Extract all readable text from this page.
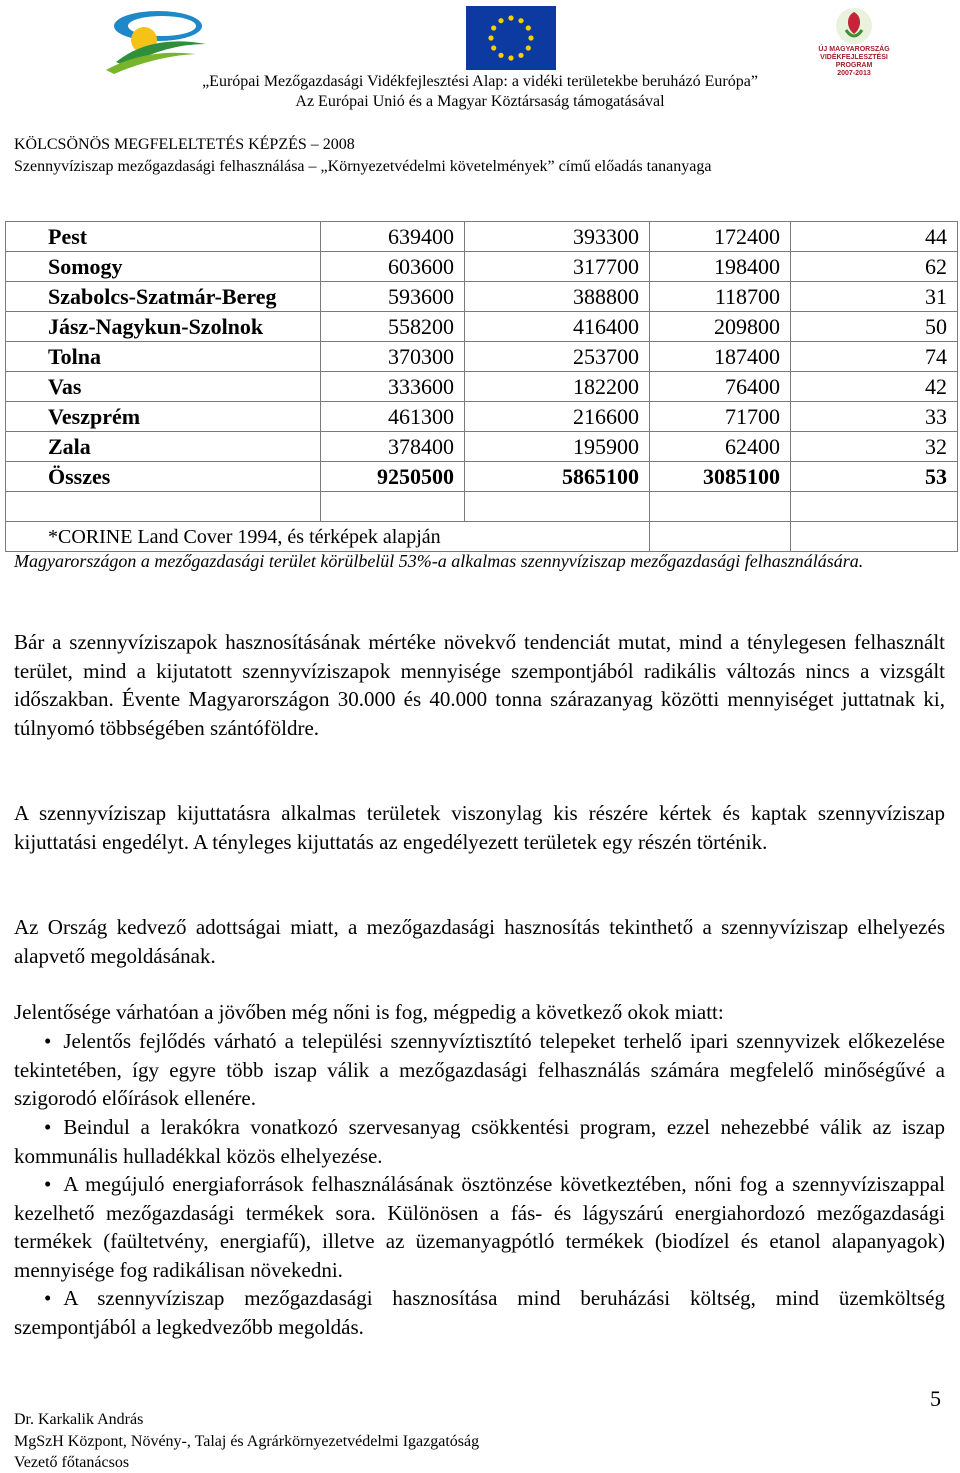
ÚJ MAGYARORSZÁG
VIDÉKFEJLESZTÉSI PROGRAM
2007-2013
„Európai Mezőgazdasági Vidékfejlesztési Alap: a vidéki területekbe beruházó Európa”
Az Európai Unió és a Magyar Köztársaság támogatásával
KÖLCSÖNÖS MEGFELELTETÉS KÉPZÉS – 2008
Szennyvíziszap mezőgazdasági felhasználása – „Környezetvédelmi követelmények” című előadás tananyaga
Pest	639400	393300	172400	44
Somogy	603600	317700	198400	62
Szabolcs-Szatmár-Bereg	593600	388800	118700	31
Jász-Nagykun-Szolnok	558200	416400	209800	50
Tolna	370300	253700	187400	74
Vas	333600	182200	76400	42
Veszprém	461300	216600	71700	33
Zala	378400	195900	62400	32
Összes	9250500	5865100	3085100	53

*CORINE Land Cover 1994, és térképek alapján				
Magyarországon a mezőgazdasági terület körülbelül 53%-a alkalmas szennyvíziszap mezőgazdasági felhasználására.
Bár a szennyvíziszapok hasznosításának mértéke növekvő tendenciát mutat, mind a ténylegesen felhasznált terület, mind a kijutatott szennyvíziszapok mennyisége szempontjából radikális változás nincs a vizsgált időszakban. Évente Magyarországon 30.000 és 40.000 tonna szárazanyag közötti mennyiséget juttatnak ki, túlnyomó többségében szántóföldre.
A szennyvíziszap kijuttatásra alkalmas területek viszonylag kis részére kértek és kaptak szennyvíziszap kijuttatási engedélyt. A tényleges kijuttatás az engedélyezett területek egy részén történik.
Az Ország kedvező adottságai miatt, a mezőgazdasági hasznosítás tekinthető a szennyvíziszap elhelyezés alapvető megoldásának.
Jelentősége várhatóan a jövőben még nőni is fog, mégpedig a következő okok miatt:
• Jelentős fejlődés várható a települési szennyvíztisztító telepeket terhelő ipari szennyvizek előkezelése tekintetében, így egyre több iszap válik a mezőgazdasági felhasználás számára megfelelő minőségűvé a szigorodó előírások ellenére.
• Beindul a lerakókra vonatkozó szervesanyag csökkentési program, ezzel nehezebbé válik az iszap kommunális hulladékkal közös elhelyezése.
• A megújuló energiaforrások felhasználásának ösztönzése következtében, nőni fog a szennyvíziszappal kezelhető mezőgazdasági termékek sora. Különösen a fás- és lágyszárú energiahordozó mezőgazdasági termékek (faültetvény, energiafű), illetve az üzemanyagpótló termékek (biodízel és etanol alapanyagok) mennyisége fog radikálisan növekedni.
• A szennyvíziszap mezőgazdasági hasznosítása mind beruházási költség, mind üzemköltség szempontjából a legkedvezőbb megoldás.
5
Dr. Karkalik András
MgSzH Központ, Növény-, Talaj és Agrárkörnyezetvédelmi Igazgatóság
Vezető főtanácsos
